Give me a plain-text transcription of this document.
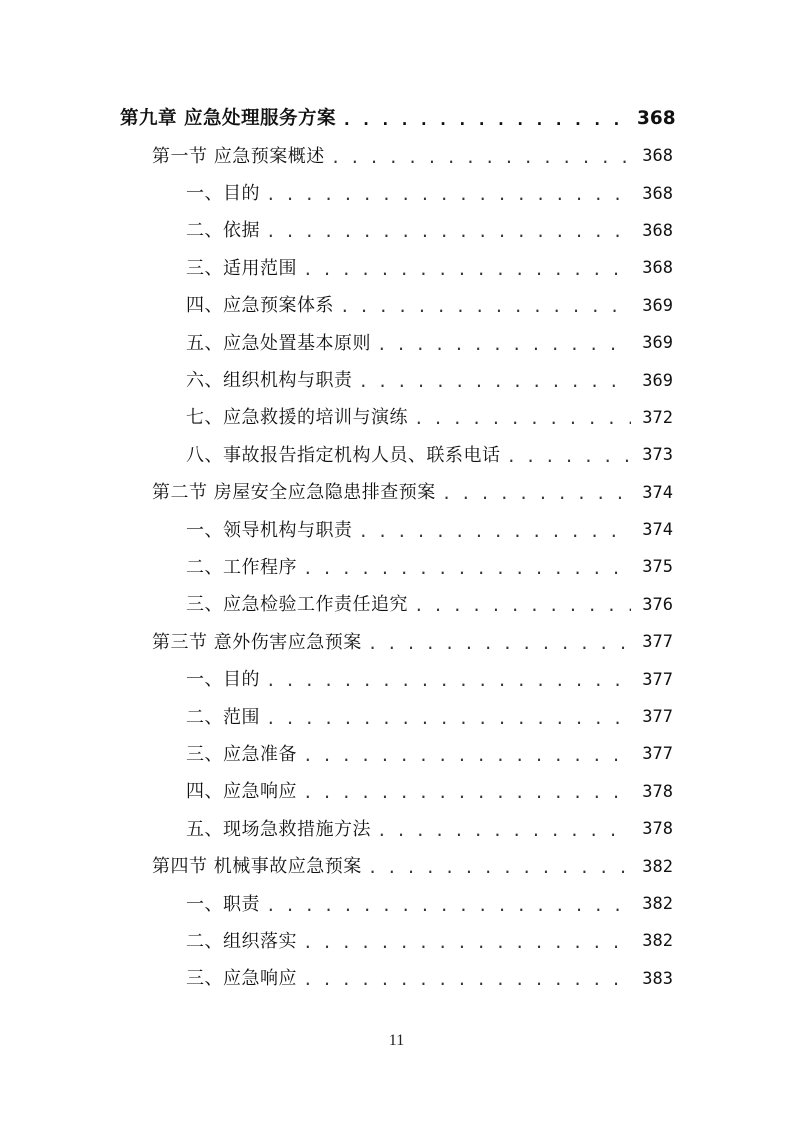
第九章 应急处理服务方案 . . .	368
第一节 应急预案概述 . . .	368
一、目的 . . .	368
二、依据 . . .	368
三、适用范围 . . .	368
四、应急预案体系 . . .	369
五、应急处置基本原则 . . .	369
六、组织机构与职责 . . .	369
七、应急救援的培训与演练 . . .	372
八、事故报告指定机构人员、联系电话 . . .	373
第二节 房屋安全应急隐患排查预案 . . .	374
一、领导机构与职责 . . .	374
二、工作程序 . . .	375
三、应急检验工作责任追究 . . .	376
第三节 意外伤害应急预案 . . .	377
一、目的 . . .	377
二、范围 . . .	377
三、应急准备 . . .	377
四、应急响应 . . .	378
五、现场急救措施方法 . . .	378
第四节 机械事故应急预案 . . .	382
一、职责 . . .	382
二、组织落实 . . .	382
三、应急响应 . . .	383
11
